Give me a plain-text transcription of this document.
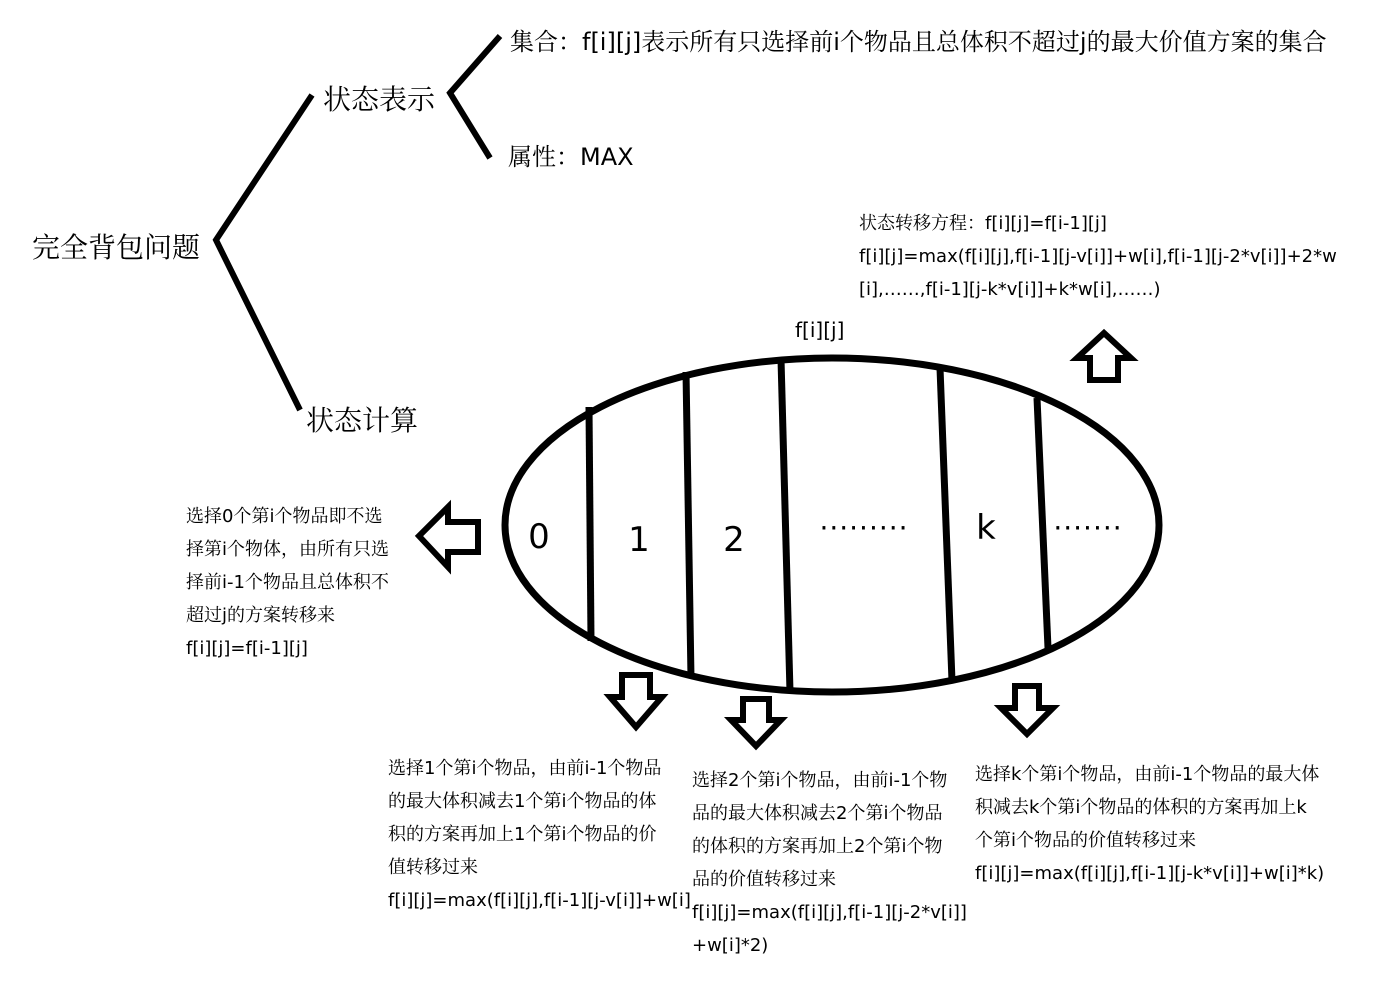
完全背包问题
状态表示
状态计算
集合：f[i][j]表示所有只选择前i个物品且总体积不超过j的最大价值方案的集合
属性：MAX
状态转移方程：f[i][j]=f[i-1][j]
f[i][j]=max(f[i][j],f[i-1][j-v[i]]+w[i],f[i-1][j-2*v[i]]+2*w
[i],……,f[i-1][j-k*v[i]]+k*w[i],……)
f[i][j]
0 1 2	········· k ·······
选择0个第i个物品即不选
择第i个物体，由所有只选
择前i-1个物品且总体积不
超过j的方案转移来
f[i][j]=f[i-1][j]
选择1个第i个物品，由前i-1个物品
的最大体积减去1个第i个物品的体
积的方案再加上1个第i个物品的价
值转移过来
f[i][j]=max(f[i][j],f[i-1][j-v[i]]+w[i]
选择2个第i个物品，由前i-1个物
品的最大体积减去2个第i个物品
的体积的方案再加上2个第i个物
品的价值转移过来
f[i][j]=max(f[i][j],f[i-1][j-2*v[i]]
+w[i]*2)
选择k个第i个物品，由前i-1个物品的最大体
积减去k个第i个物品的体积的方案再加上k
个第i个物品的价值转移过来
f[i][j]=max(f[i][j],f[i-1][j-k*v[i]]+w[i]*k)
